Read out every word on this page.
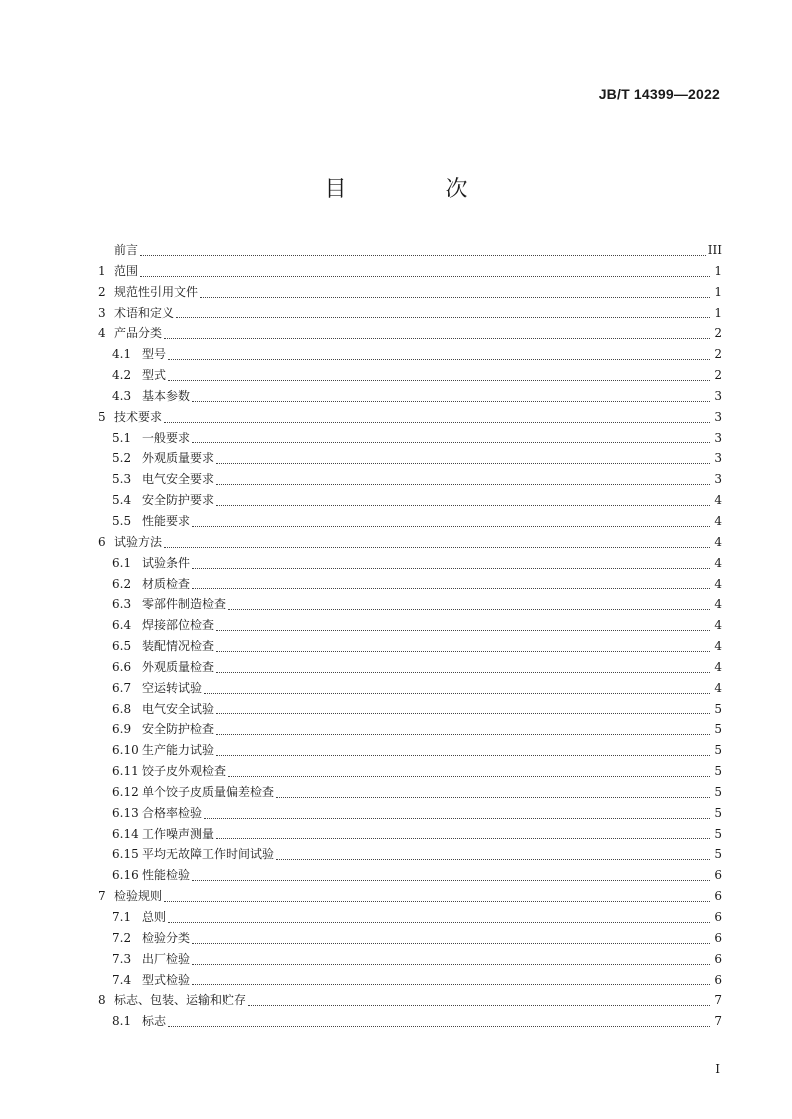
JB/T 14399—2022
目 次
前言	III
1 范围	1
2 规范性引用文件	1
3 术语和定义	1
4 产品分类	2
4.1 型号	2
4.2 型式	2
4.3 基本参数	3
5 技术要求	3
5.1 一般要求	3
5.2 外观质量要求	3
5.3 电气安全要求	3
5.4 安全防护要求	4
5.5 性能要求	4
6 试验方法	4
6.1 试验条件	4
6.2 材质检查	4
6.3 零部件制造检查	4
6.4 焊接部位检查	4
6.5 装配情况检查	4
6.6 外观质量检查	4
6.7 空运转试验	4
6.8 电气安全试验	5
6.9 安全防护检查	5
6.10 生产能力试验	5
6.11 饺子皮外观检查	5
6.12 单个饺子皮质量偏差检查	5
6.13 合格率检验	5
6.14 工作噪声测量	5
6.15 平均无故障工作时间试验	5
6.16 性能检验	6
7 检验规则	6
7.1 总则	6
7.2 检验分类	6
7.3 出厂检验	6
7.4 型式检验	6
8 标志、包装、运输和贮存	7
8.1 标志	7
I
